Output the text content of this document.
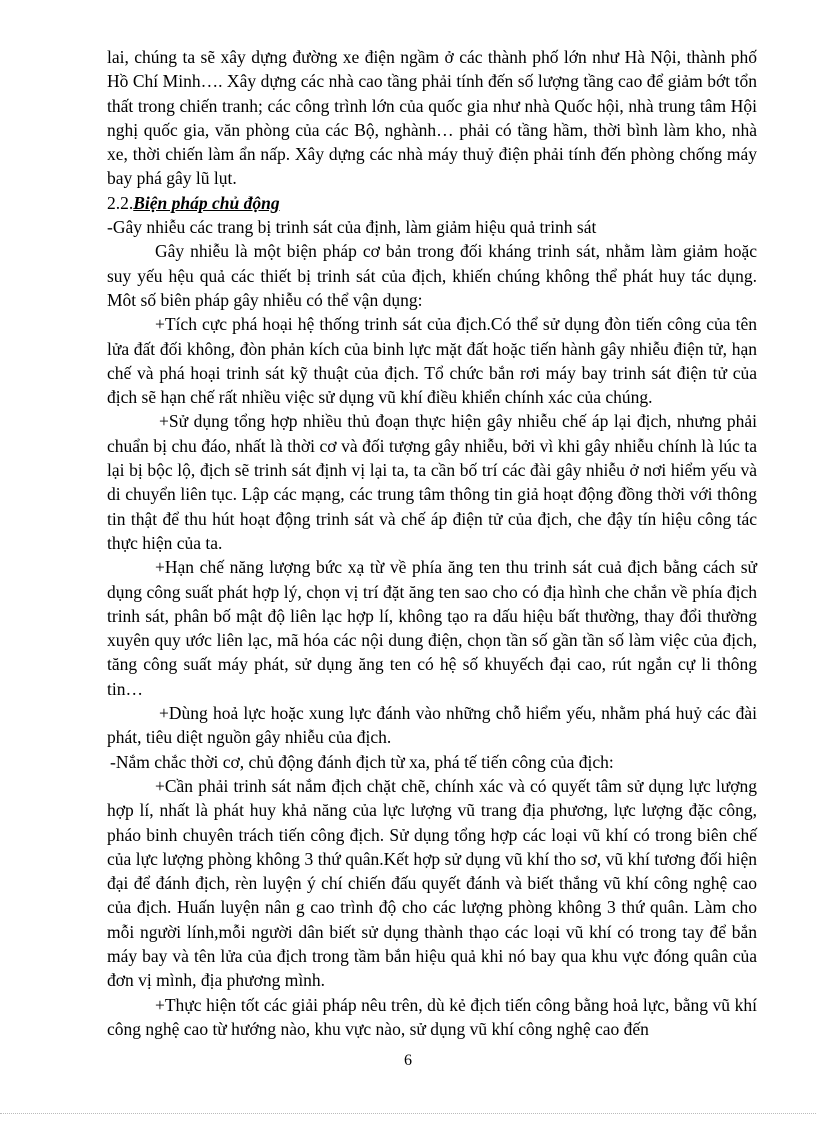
lai, chúng ta sẽ xây dựng đường xe điện ngầm ở các thành phố lớn như Hà Nội, thành phố Hồ Chí Minh…. Xây dựng các nhà cao tầng phải tính đến số lượng tầng cao để giảm bớt tổn thất trong chiến tranh; các công trình lớn của quốc gia như nhà Quốc hội, nhà trung tâm Hội nghị quốc gia, văn phòng của các Bộ, nghành… phải có tầng hầm, thời bình làm kho, nhà xe, thời chiến làm ẩn nấp. Xây dựng các nhà máy thuỷ điện phải tính đến phòng chống máy bay phá gây lũ lụt.

2.2.Biện pháp chủ động

-Gây nhiễu các trang bị trinh sát của định, làm giảm hiệu quả trinh sát

Gây nhiễu là một biện pháp cơ bản trong đối kháng trinh sát, nhằm làm giảm hoặc suy yếu hệu quả các thiết bị trinh sát của địch, khiến chúng không thể phát huy tác dụng. Môt số biên pháp gây nhiễu có thể vận dụng:

+Tích cực phá hoại hệ thống trinh sát của địch.Có thể sử dụng đòn tiến công của tên lửa đất đối không, đòn phản kích của binh lực mặt đất hoặc tiến hành gây nhiễu điện tử, hạn chế và phá hoại trinh sát kỹ thuật của địch. Tổ chức bắn rơi máy bay trinh sát điện tử của địch sẽ hạn chế rất nhiều việc sử dụng vũ khí điều khiển chính xác của chúng.

+Sử dụng tổng hợp nhiều thủ đoạn thực hiện gây nhiễu chế áp lại địch, nhưng phải chuẩn bị chu đáo, nhất là thời cơ và đối tượng gây nhiễu, bởi vì khi gây nhiễu chính là lúc ta lại bị bộc lộ, địch sẽ trinh sát định vị lại ta, ta cần bố trí các đài gây nhiễu ở nơi hiểm yếu và di chuyển liên tục. Lập các mạng, các trung tâm thông tin giả hoạt động đồng thời với thông tin thật để thu hút hoạt động trinh sát và chế áp điện tử của địch, che đậy tín hiệu công tác thực hiện của ta.

+Hạn chế năng lượng bức xạ từ về phía ăng ten thu trinh sát cuả địch bằng cách sử dụng công suất phát hợp lý, chọn vị trí đặt ăng ten sao cho có địa hình che chắn về phía địch trinh sát, phân bố mật độ liên lạc hợp lí, không tạo ra dấu hiệu bất thường, thay đổi thường xuyên quy ước liên lạc, mã hóa các nội dung điện, chọn tần số gần tần số làm việc của địch, tăng công suất máy phát, sử dụng ăng ten có hệ số khuyếch đại cao, rút ngắn cự li thông tin…

+Dùng hoả lực hoặc xung lực đánh vào những chỗ hiểm yếu, nhằm phá huỷ các đài phát, tiêu diệt nguồn gây nhiễu của địch.

-Nắm chắc thời cơ, chủ động đánh địch từ xa, phá tế tiến công của địch:

+Cần phải trinh sát nắm địch chặt chẽ, chính xác và có quyết tâm sử dụng lực lượng hợp lí, nhất là phát huy khả năng của lực lượng vũ trang địa phương, lực lượng đặc công, pháo binh chuyên trách tiến công địch. Sử dụng tổng hợp các loại vũ khí có trong biên chế của lực lượng phòng không 3 thứ quân.Kết hợp sử dụng vũ khí tho sơ, vũ khí tương đối hiện đại để đánh địch, rèn luyện ý chí chiến đấu quyết đánh và biết thắng vũ khí công nghệ cao của địch. Huấn luyện nân g cao trình độ cho các lượng phòng không 3 thứ quân. Làm cho mỗi người lính,mỗi người dân biết sử dụng thành thạo các loại vũ khí có trong tay để bắn máy bay và tên lửa của địch trong tầm bắn hiệu quả khi nó bay qua khu vực đóng quân của đơn vị mình, địa phương mình.

+Thực hiện tốt các giải pháp nêu trên, dù kẻ địch tiến công bằng hoả lực, bằng vũ khí công nghệ cao từ hướng nào, khu vực nào, sử dụng vũ khí công nghệ cao đến

6
